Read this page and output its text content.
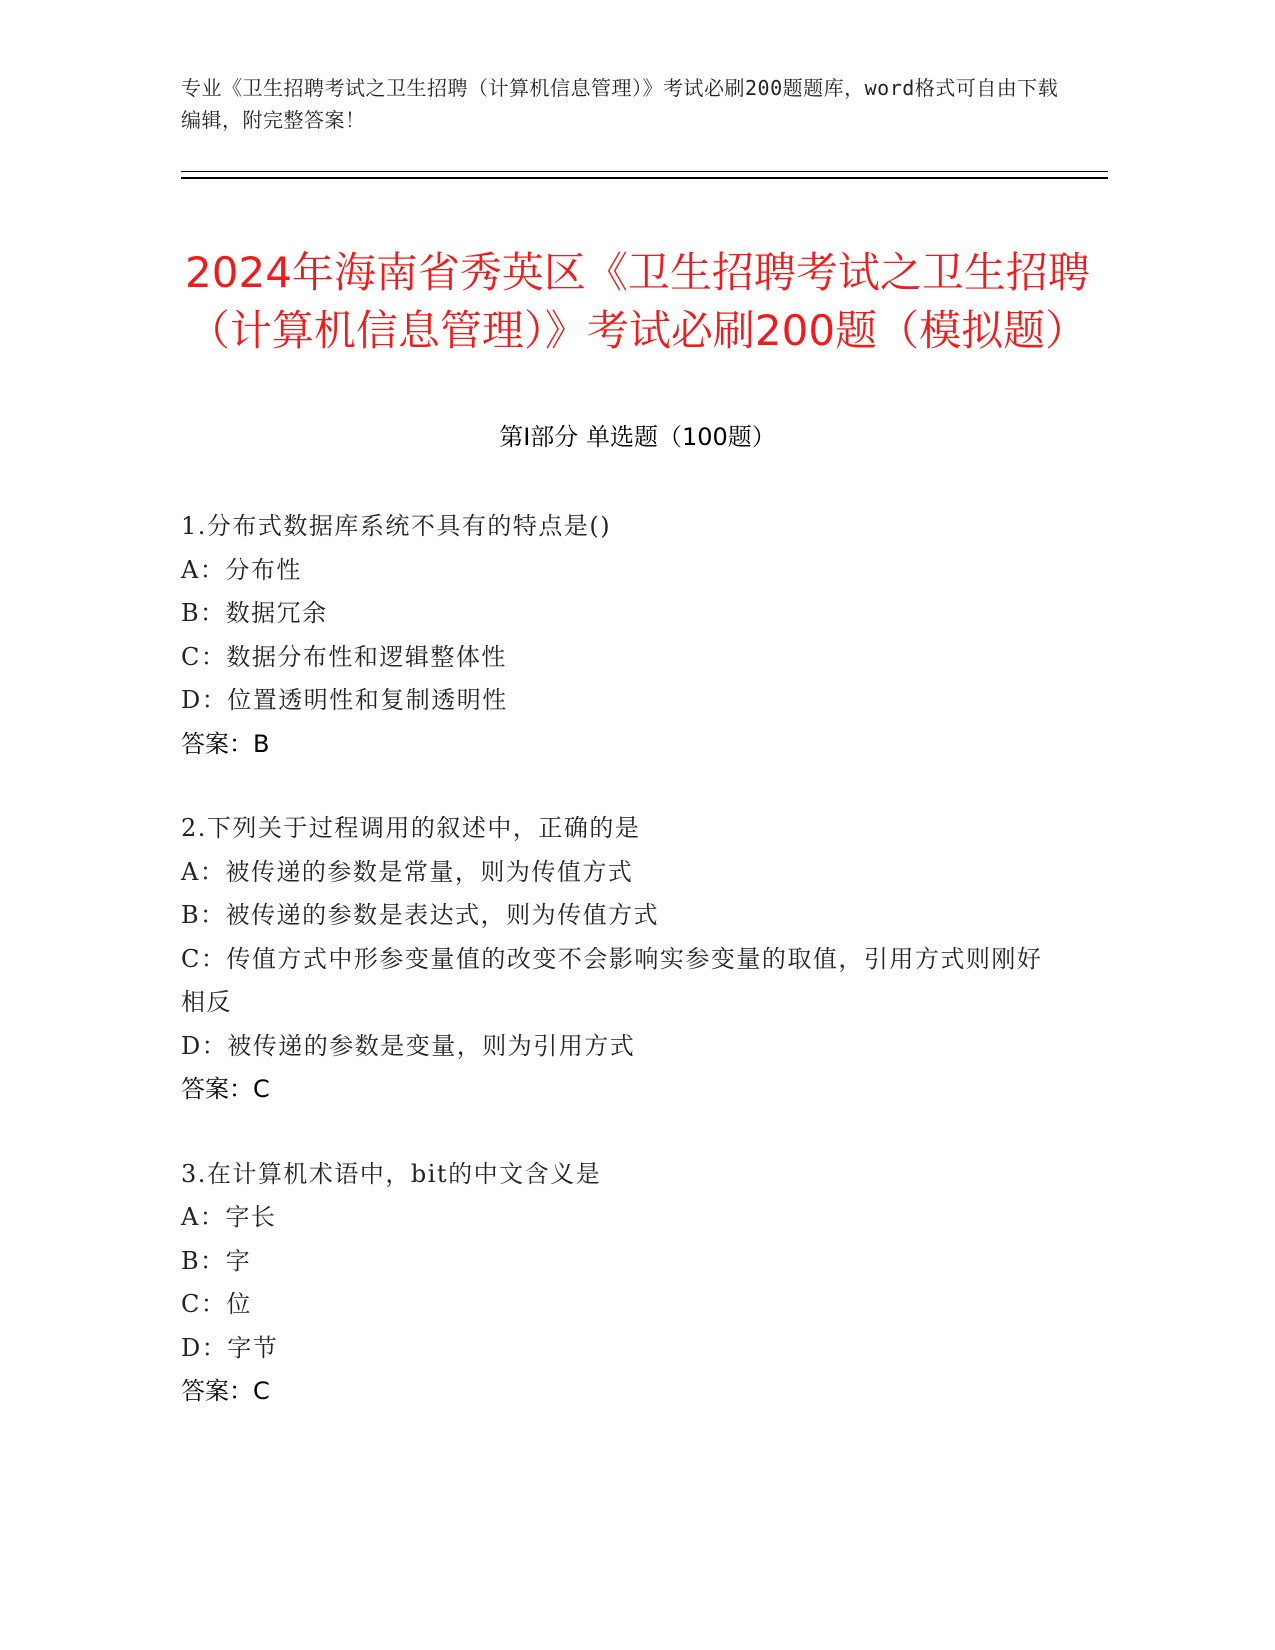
专业《卫生招聘考试之卫生招聘（计算机信息管理）》考试必刷200题题库，word格式可自由下载编辑，附完整答案！
2024年海南省秀英区《卫生招聘考试之卫生招聘（计算机信息管理）》考试必刷200题（模拟题）
第I部分 单选题（100题）

1.分布式数据库系统不具有的特点是()

A：分布性

B：数据冗余

C：数据分布性和逻辑整体性

D：位置透明性和复制透明性

答案：B

2.下列关于过程调用的叙述中，正确的是

A：被传递的参数是常量，则为传值方式

B：被传递的参数是表达式，则为传值方式

C：传值方式中形参变量值的改变不会影响实参变量的取值，引用方式则刚好相反

D：被传递的参数是变量，则为引用方式

答案：C

3.在计算机术语中，bit的中文含义是

A：字长

B：字

C：位

D：字节

答案：C
